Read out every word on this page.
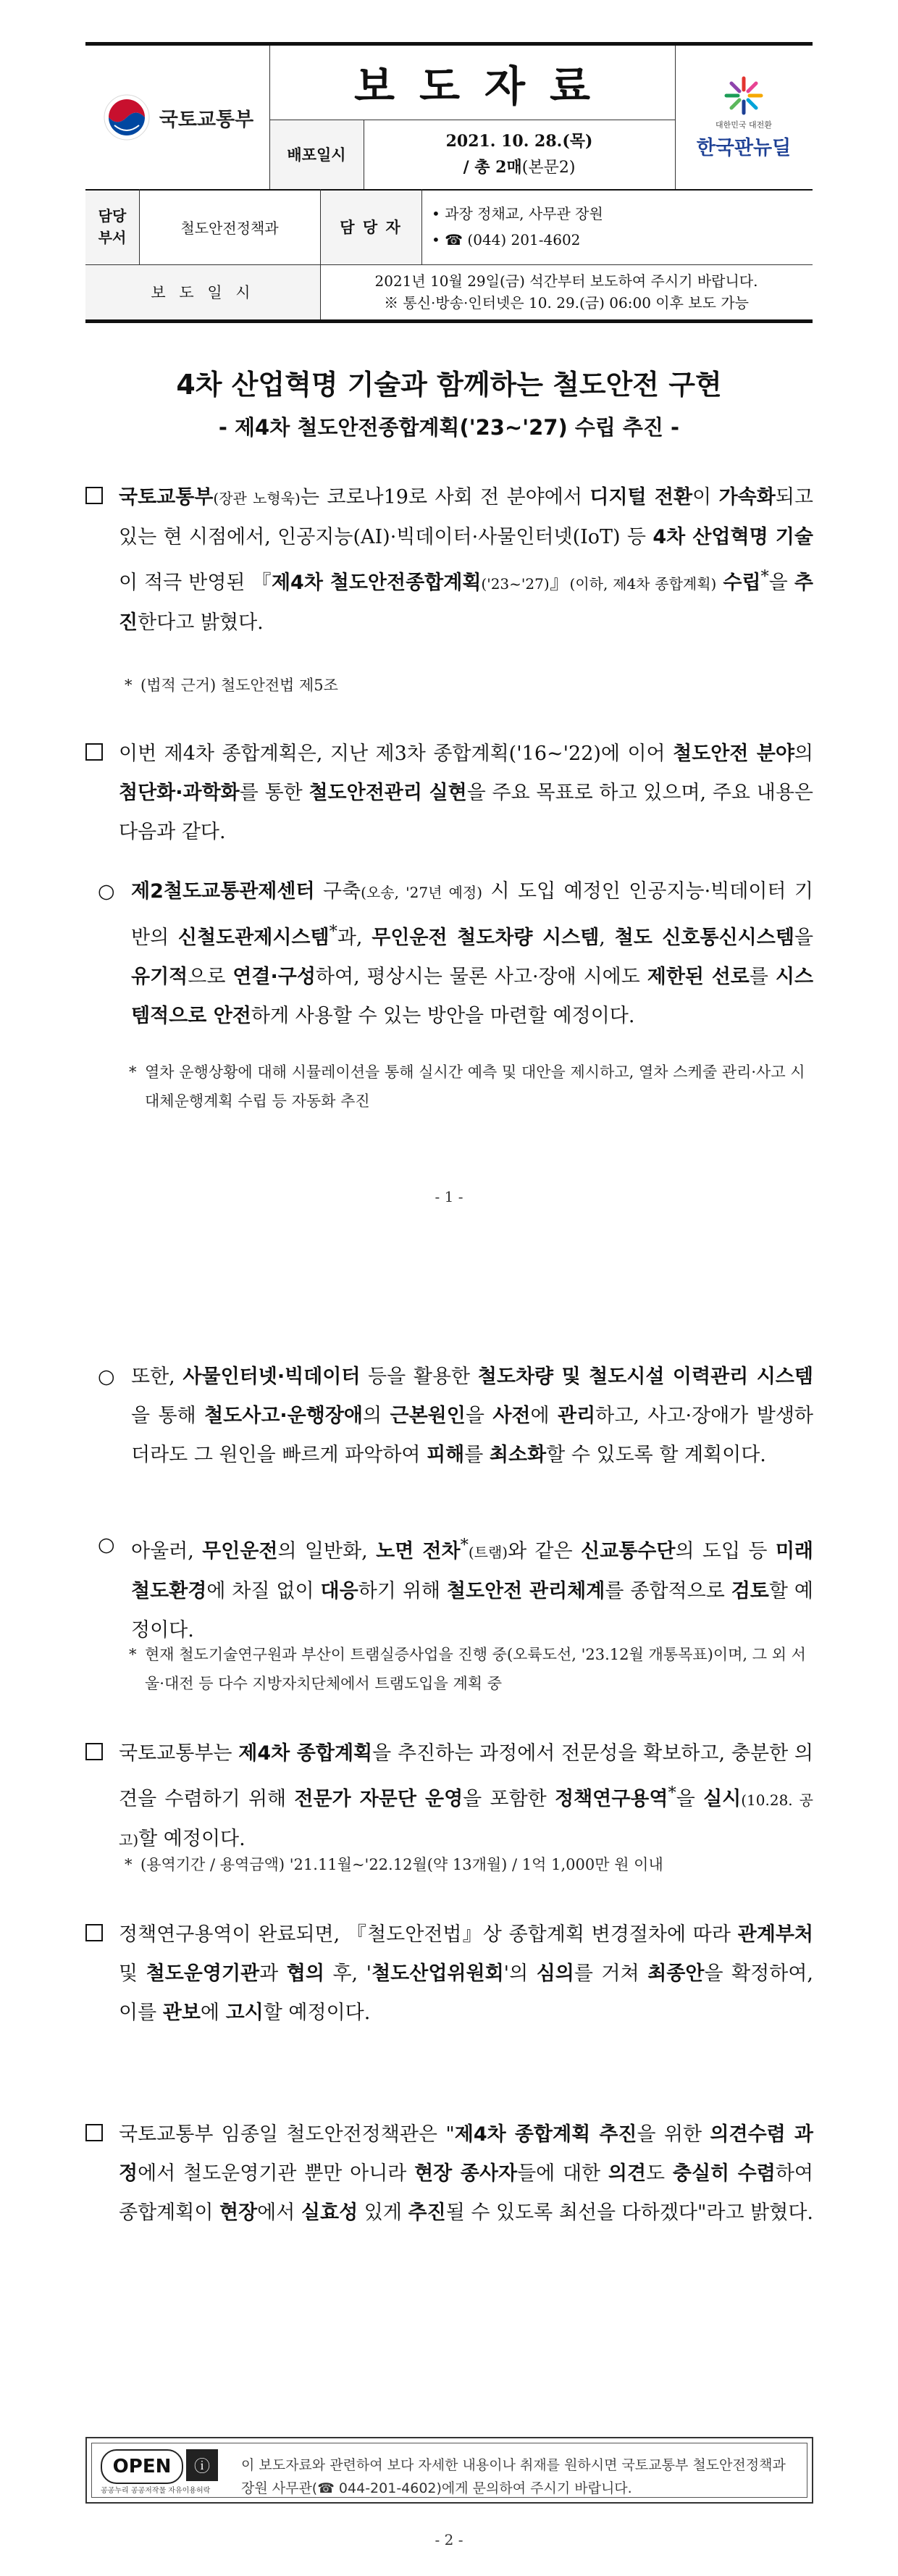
국토교통부
보도자료
배포일시
2021. 10. 28.(목)
/ 총 2매(본문2)
대한민국 대전환
한국판뉴딜
담당부서
철도안전정책과	담 당 자
• 과장 정채교, 사무관 장원
• ☎ (044) 201-4602
보 도 일 시
2021년 10월 29일(금) 석간부터 보도하여 주시기 바랍니다.
※ 통신·방송·인터넷은 10. 29.(금) 06:00 이후 보도 가능
4차 산업혁명 기술과 함께하는 철도안전 구현
- 제4차 철도안전종합계획('23~'27) 수립 추진 -
국토교통부(장관 노형욱)는 코로나19로 사회 전 분야에서 디지털 전환이 가속화되고 있는 현 시점에서, 인공지능(AI)·빅데이터·사물인터넷(IoT) 등 4차 산업혁명 기술이 적극 반영된 『제4차 철도안전종합계획('23~'27)』(이하, 제4차 종합계획) 수립*을 추진한다고 밝혔다.
* (법적 근거) 철도안전법 제5조
이번 제4차 종합계획은, 지난 제3차 종합계획('16~'22)에 이어 철도안전 분야의 첨단화·과학화를 통한 철도안전관리 실현을 주요 목표로 하고 있으며, 주요 내용은 다음과 같다.
○ 제2철도교통관제센터 구축(오송, '27년 예정) 시 도입 예정인 인공지능·빅데이터 기반의 신철도관제시스템*과, 무인운전 철도차량 시스템, 철도 신호통신시스템을 유기적으로 연결·구성하여, 평상시는 물론 사고·장애 시에도 제한된 선로를 시스템적으로 안전하게 사용할 수 있는 방안을 마련할 예정이다.
* 열차 운행상황에 대해 시뮬레이션을 통해 실시간 예측 및 대안을 제시하고, 열차 스케줄 관리·사고 시 대체운행계획 수립 등 자동화 추진
- 1 -
○ 또한, 사물인터넷·빅데이터 등을 활용한 철도차량 및 철도시설 이력관리 시스템을 통해 철도사고·운행장애의 근본원인을 사전에 관리하고, 사고·장애가 발생하더라도 그 원인을 빠르게 파악하여 피해를 최소화할 수 있도록 할 계획이다.
○ 아울러, 무인운전의 일반화, 노면 전차*(트램)와 같은 신교통수단의 도입 등 미래 철도환경에 차질 없이 대응하기 위해 철도안전 관리체계를 종합적으로 검토할 예정이다.
* 현재 철도기술연구원과 부산이 트램실증사업을 진행 중(오륙도선, '23.12월 개통목표)이며, 그 외 서울·대전 등 다수 지방자치단체에서 트램도입을 계획 중
국토교통부는 제4차 종합계획을 추진하는 과정에서 전문성을 확보하고, 충분한 의견을 수렴하기 위해 전문가 자문단 운영을 포함한 정책연구용역*을 실시(10.28. 공고)할 예정이다.
* (용역기간 / 용역금액) '21.11월~'22.12월(약 13개월) / 1억 1,000만 원 이내
정책연구용역이 완료되면, 『철도안전법』상 종합계획 변경절차에 따라 관계부처 및 철도운영기관과 협의 후, '철도산업위원회'의 심의를 거쳐 최종안을 확정하여, 이를 관보에 고시할 예정이다.
국토교통부 임종일 철도안전정책관은 "제4차 종합계획 추진을 위한 의견수렴 과정에서 철도운영기관 뿐만 아니라 현장 종사자들에 대한 의견도 충실히 수렴하여 종합계획이 현장에서 실효성 있게 추진될 수 있도록 최선을 다하겠다"라고 밝혔다.
OPEN	ⓘ
공공누리 공공저작물 자유이용허락
이 보도자료와 관련하여 보다 자세한 내용이나 취재를 원하시면 국토교통부 철도안전정책과 장원 사무관(☎ 044-201-4602)에게 문의하여 주시기 바랍니다.
- 2 -
